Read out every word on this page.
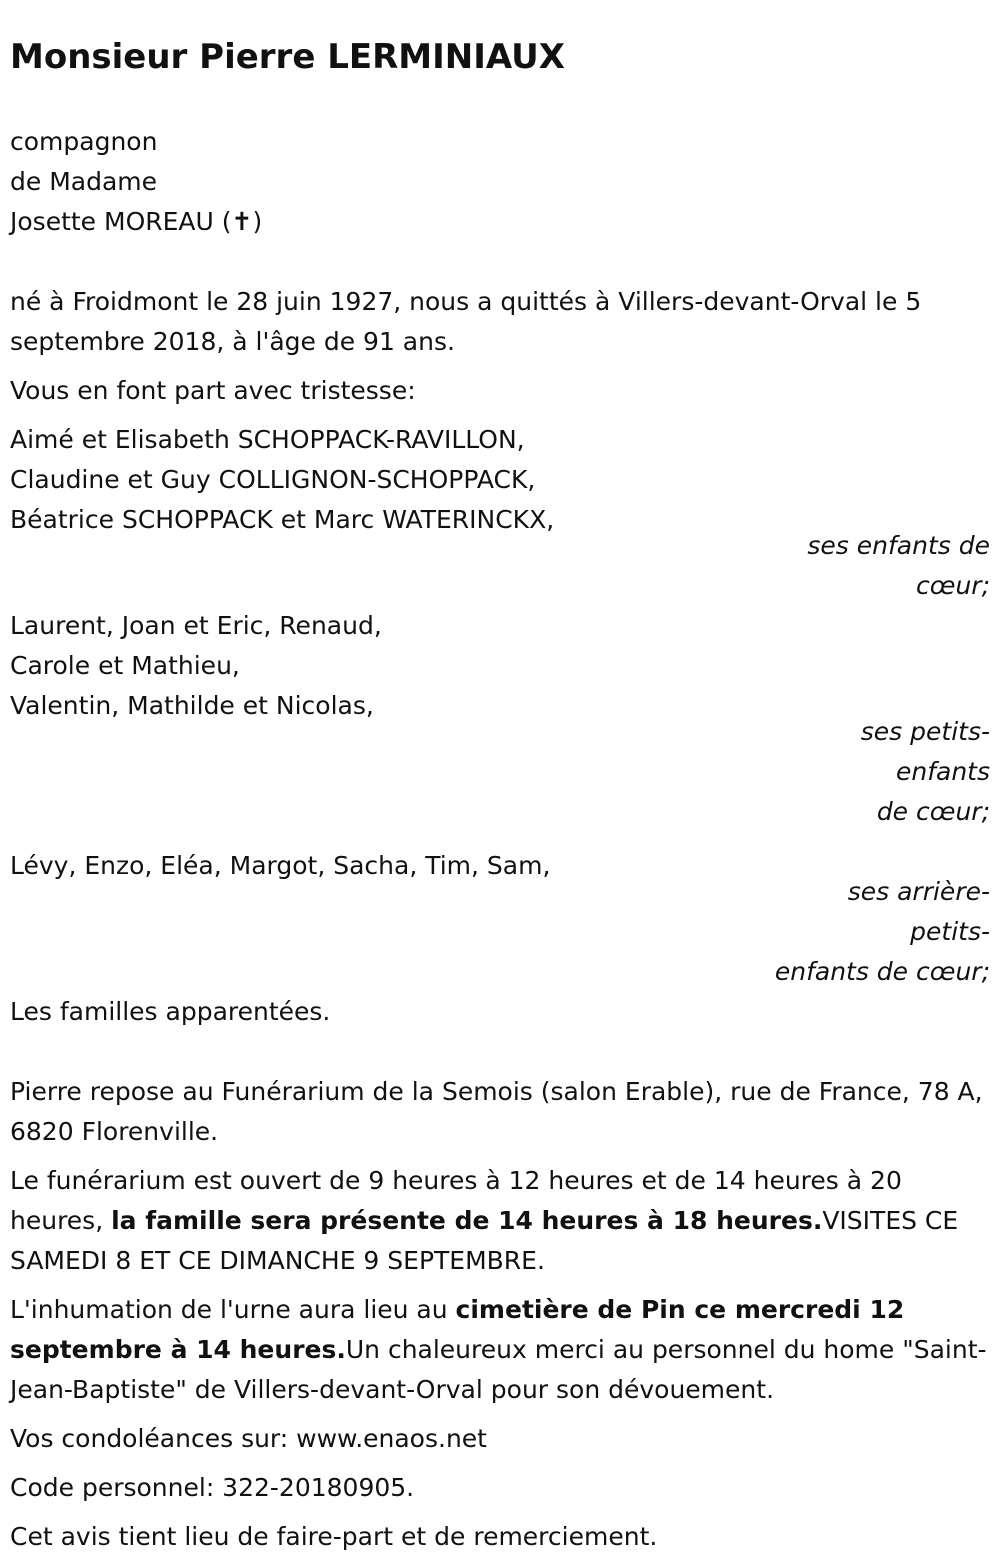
Monsieur Pierre LERMINIAUX

compagnon
de Madame
Josette MOREAU (✝)

né à Froidmont le 28 juin 1927, nous a quittés à Villers-devant-Orval le 5 septembre 2018, à l'âge de 91 ans.

Vous en font part avec tristesse:

Aimé et Elisabeth SCHOPPACK-RAVILLON,
Claudine et Guy COLLIGNON-SCHOPPACK,
Béatrice SCHOPPACK et Marc WATERINCKX,
ses enfants de
cœur;
Laurent, Joan et Eric, Renaud,
Carole et Mathieu,
Valentin, Mathilde et Nicolas,
ses petits-enfants
de cœur;
Lévy, Enzo, Eléa, Margot, Sacha, Tim, Sam,
ses arrière-petits-
enfants de cœur;

Les familles apparentées.

Pierre repose au Funérarium de la Semois (salon Erable), rue de France, 78 A, 6820 Florenville.

Le funérarium est ouvert de 9 heures à 12 heures et de 14 heures à 20 heures, la famille sera présente de 14 heures à 18 heures.VISITES CE SAMEDI 8 ET CE DIMANCHE 9 SEPTEMBRE.

L'inhumation de l'urne aura lieu au cimetière de Pin ce mercredi 12 septembre à 14 heures.Un chaleureux merci au personnel du home "Saint-Jean-Baptiste" de Villers-devant-Orval pour son dévouement.

Vos condoléances sur: www.enaos.net

Code personnel: 322-20180905.

Cet avis tient lieu de faire-part et de remerciement.
